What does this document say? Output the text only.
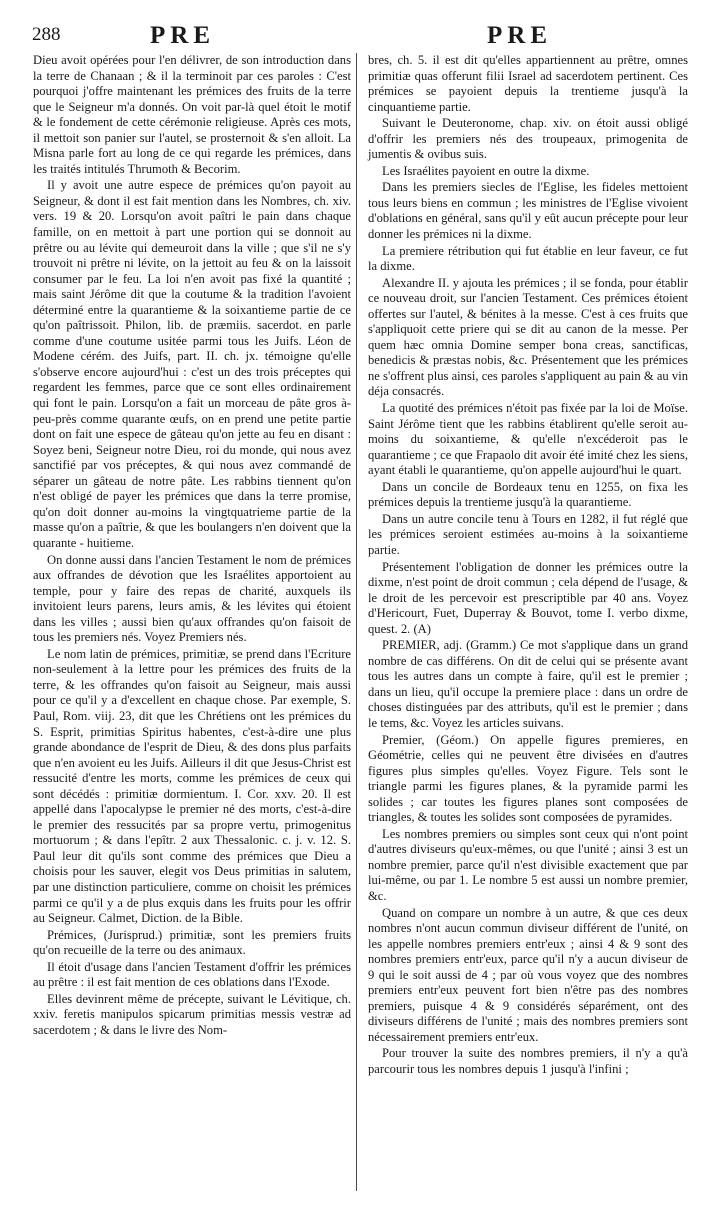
288	PRE	PRE

Dieu avoit opérées pour l'en délivrer, de son introduction dans la terre de Chanaan ; & il la terminoit par ces paroles : C'est pourquoi j'offre maintenant les prémices des fruits de la terre que le Seigneur m'a donnés. On voit par-là quel étoit le motif & le fondement de cette cérémonie religieuse. Après ces mots, il mettoit son panier sur l'autel, se prosternoit & s'en alloit. La Misna parle fort au long de ce qui regarde les prémices, dans les traités intitulés Thrumoth & Becorim.

Il y avoit une autre espece de prémices qu'on payoit au Seigneur, & dont il est fait mention dans les Nombres, ch. xiv. vers. 19 & 20. Lorsqu'on avoit paîtri le pain dans chaque famille, on en mettoit à part une portion qui se donnoit au prêtre ou au lévite qui demeuroit dans la ville ; que s'il ne s'y trouvoit ni prêtre ni lévite, on la jettoit au feu & on la laissoit consumer par le feu. La loi n'en avoit pas fixé la quantité ; mais saint Jérôme dit que la coutume & la tradition l'avoient déterminé entre la quarantieme & la soixantieme partie de ce qu'on paîtrissoit. Philon, lib. de præmiis. sacerdot. en parle comme d'une coutume usitée parmi tous les Juifs. Léon de Modene cérém. des Juifs, part. II. ch. jx. témoigne qu'elle s'observe encore aujourd'hui : c'est un des trois préceptes qui regardent les femmes, parce que ce sont elles ordinairement qui font le pain. Lorsqu'on a fait un morceau de pâte gros à-peu-près comme quarante œufs, on en prend une petite partie dont on fait une espece de gâteau qu'on jette au feu en disant : Soyez beni, Seigneur notre Dieu, roi du monde, qui nous avez sanctifié par vos préceptes, & qui nous avez commandé de séparer un gâteau de notre pâte. Les rabbins tiennent qu'on n'est obligé de payer les prémices que dans la terre promise, qu'on doit donner au-moins la vingtquatrieme partie de la masse qu'on a paîtrie, & que les boulangers n'en doivent que la quarante - huitieme.

On donne aussi dans l'ancien Testament le nom de prémices aux offrandes de dévotion que les Israélites apportoient au temple, pour y faire des repas de charité, auxquels ils invitoient leurs parens, leurs amis, & les lévites qui étoient dans les villes ; aussi bien qu'aux offrandes qu'on faisoit de tous les premiers nés. Voyez Premiers nés.

Le nom latin de prémices, primitiæ, se prend dans l'Ecriture non-seulement à la lettre pour les prémices des fruits de la terre, & les offrandes qu'on faisoit au Seigneur, mais aussi pour ce qu'il y a d'excellent en chaque chose. Par exemple, S. Paul, Rom. viij. 23, dit que les Chrétiens ont les prémices du S. Esprit, primitias Spiritus habentes, c'est-à-dire une plus grande abondance de l'esprit de Dieu, & des dons plus parfaits que n'en avoient eu les Juifs. Ailleurs il dit que Jesus-Christ est ressucité d'entre les morts, comme les prémices de ceux qui sont décédés : primitiæ dormientum. I. Cor. xxv. 20. Il est appellé dans l'apocalypse le premier né des morts, c'est-à-dire le premier des ressucités par sa propre vertu, primogenitus mortuorum ; & dans l'epîtr. 2 aux Thessalonic. c. j. v. 12. S. Paul leur dit qu'ils sont comme des prémices que Dieu a choisis pour les sauver, elegit vos Deus primitias in salutem, par une distinction particuliere, comme on choisit les prémices parmi ce qu'il y a de plus exquis dans les fruits pour les offrir au Seigneur. Calmet, Diction. de la Bible.

Prémices, (Jurisprud.) primitiæ, sont les premiers fruits qu'on recueille de la terre ou des animaux.

Il étoit d'usage dans l'ancien Testament d'offrir les prémices au prêtre : il est fait mention de ces oblations dans l'Exode.

Elles devinrent même de précepte, suivant le Lévitique, ch. xxiv. feretis manipulos spicarum primitias messis vestræ ad sacerdotem ; & dans le livre des Nom-

bres, ch. 5. il est dit qu'elles appartiennent au prêtre, omnes primitiæ quas offerunt filii Israel ad sacerdotem pertinent. Ces prémices se payoient depuis la trentieme jusqu'à la cinquantieme partie.

Suivant le Deuteronome, chap. xiv. on étoit aussi obligé d'offrir les premiers nés des troupeaux, primogenita de jumentis & ovibus suis.

Les Israélites payoient en outre la dixme.

Dans les premiers siecles de l'Eglise, les fideles mettoient tous leurs biens en commun ; les ministres de l'Eglise vivoient d'oblations en général, sans qu'il y eût aucun précepte pour leur donner les prémices ni la dixme.

La premiere rétribution qui fut établie en leur faveur, ce fut la dixme.

Alexandre II. y ajouta les prémices ; il se fonda, pour établir ce nouveau droit, sur l'ancien Testament. Ces prémices étoient offertes sur l'autel, & bénites à la messe. C'est à ces fruits que s'appliquoit cette priere qui se dit au canon de la messe. Per quem hæc omnia Domine semper bona creas, sanctificas, benedicis & præstas nobis, &c. Présentement que les prémices ne s'offrent plus ainsi, ces paroles s'appliquent au pain & au vin déja consacrés.

La quotité des prémices n'étoit pas fixée par la loi de Moïse. Saint Jérôme tient que les rabbins établirent qu'elle seroit au-moins du soixantieme, & qu'elle n'excéderoit pas le quarantieme ; ce que Frapaolo dit avoir été imité chez les siens, ayant établi le quarantieme, qu'on appelle aujourd'hui le quart.

Dans un concile de Bordeaux tenu en 1255, on fixa les prémices depuis la trentieme jusqu'à la quarantieme.

Dans un autre concile tenu à Tours en 1282, il fut réglé que les prémices seroient estimées au-moins à la soixantieme partie.

Présentement l'obligation de donner les prémices outre la dixme, n'est point de droit commun ; cela dépend de l'usage, & le droit de les percevoir est prescriptible par 40 ans. Voyez d'Hericourt, Fuet, Duperray & Bouvot, tome I. verbo dixme, quest. 2. (A)

PREMIER, adj. (Gramm.) Ce mot s'applique dans un grand nombre de cas différens. On dit de celui qui se présente avant tous les autres dans un compte à faire, qu'il est le premier ; dans un lieu, qu'il occupe la premiere place : dans un ordre de choses distinguées par des attributs, qu'il est le premier ; dans le tems, &c. Voyez les articles suivans.

Premier, (Géom.) On appelle figures premieres, en Géométrie, celles qui ne peuvent être divisées en d'autres figures plus simples qu'elles. Voyez Figure. Tels sont le triangle parmi les figures planes, & la pyramide parmi les solides ; car toutes les figures planes sont composées de triangles, & toutes les solides sont composées de pyramides.

Les nombres premiers ou simples sont ceux qui n'ont point d'autres diviseurs qu'eux-mêmes, ou que l'unité ; ainsi 3 est un nombre premier, parce qu'il n'est divisible exactement que par lui-même, ou par 1. Le nombre 5 est aussi un nombre premier, &c.

Quand on compare un nombre à un autre, & que ces deux nombres n'ont aucun commun diviseur différent de l'unité, on les appelle nombres premiers entr'eux ; ainsi 4 & 9 sont des nombres premiers entr'eux, parce qu'il n'y a aucun diviseur de 9 qui le soit aussi de 4 ; par où vous voyez que des nombres premiers entr'eux peuvent fort bien n'être pas des nombres premiers, puisque 4 & 9 considérés séparément, ont des diviseurs différens de l'unité ; mais des nombres premiers sont nécessairement premiers entr'eux.

Pour trouver la suite des nombres premiers, il n'y a qu'à parcourir tous les nombres depuis 1 jusqu'à l'infini ;
